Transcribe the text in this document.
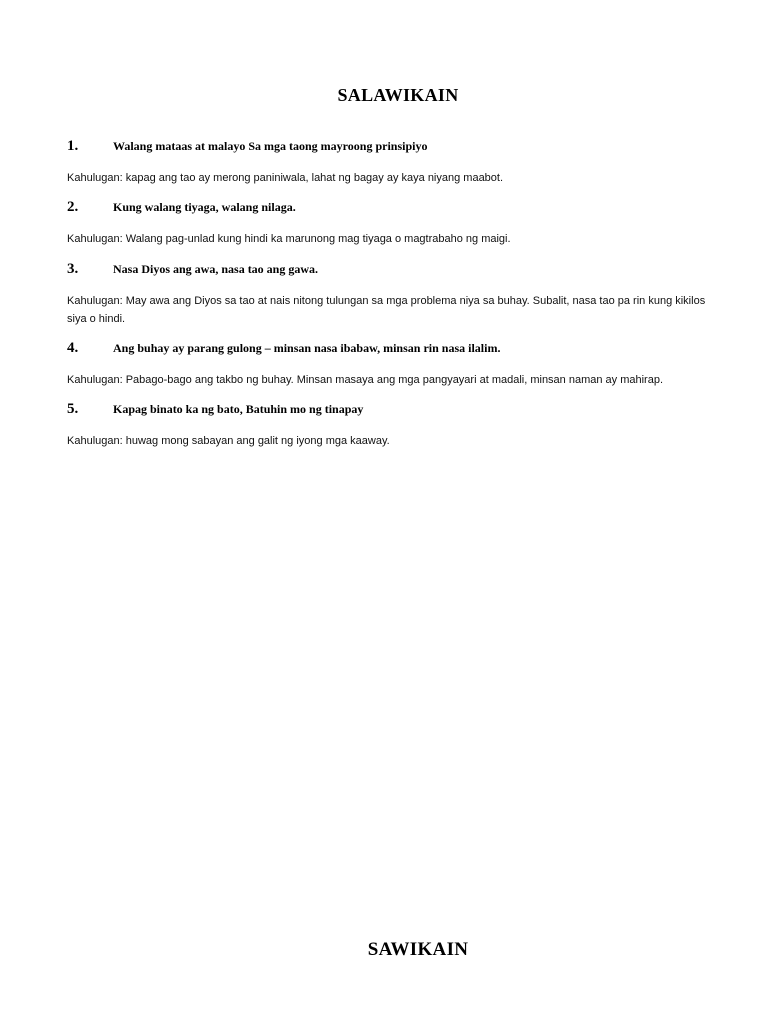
SALAWIKAIN
1.	Walang mataas at malayo Sa mga taong mayroong prinsipiyo
Kahulugan: kapag ang tao ay merong paniniwala, lahat ng bagay ay kaya niyang maabot.
2.	Kung walang tiyaga, walang nilaga.
Kahulugan: Walang pag-unlad kung hindi ka marunong mag tiyaga o magtrabaho ng maigi.
3.	Nasa Diyos ang awa, nasa tao ang gawa.
Kahulugan: May awa ang Diyos sa tao at nais nitong tulungan sa mga problema niya sa buhay. Subalit, nasa tao pa rin kung kikilos siya o hindi.
4.	Ang buhay ay parang gulong – minsan nasa ibabaw, minsan rin nasa ilalim.
Kahulugan: Pabago-bago ang takbo ng buhay. Minsan masaya ang mga pangyayari at madali, minsan naman ay mahirap.
5.	Kapag binato ka ng bato, Batuhin mo ng tinapay
Kahulugan: huwag mong sabayan ang galit ng iyong mga kaaway.
SAWIKAIN
